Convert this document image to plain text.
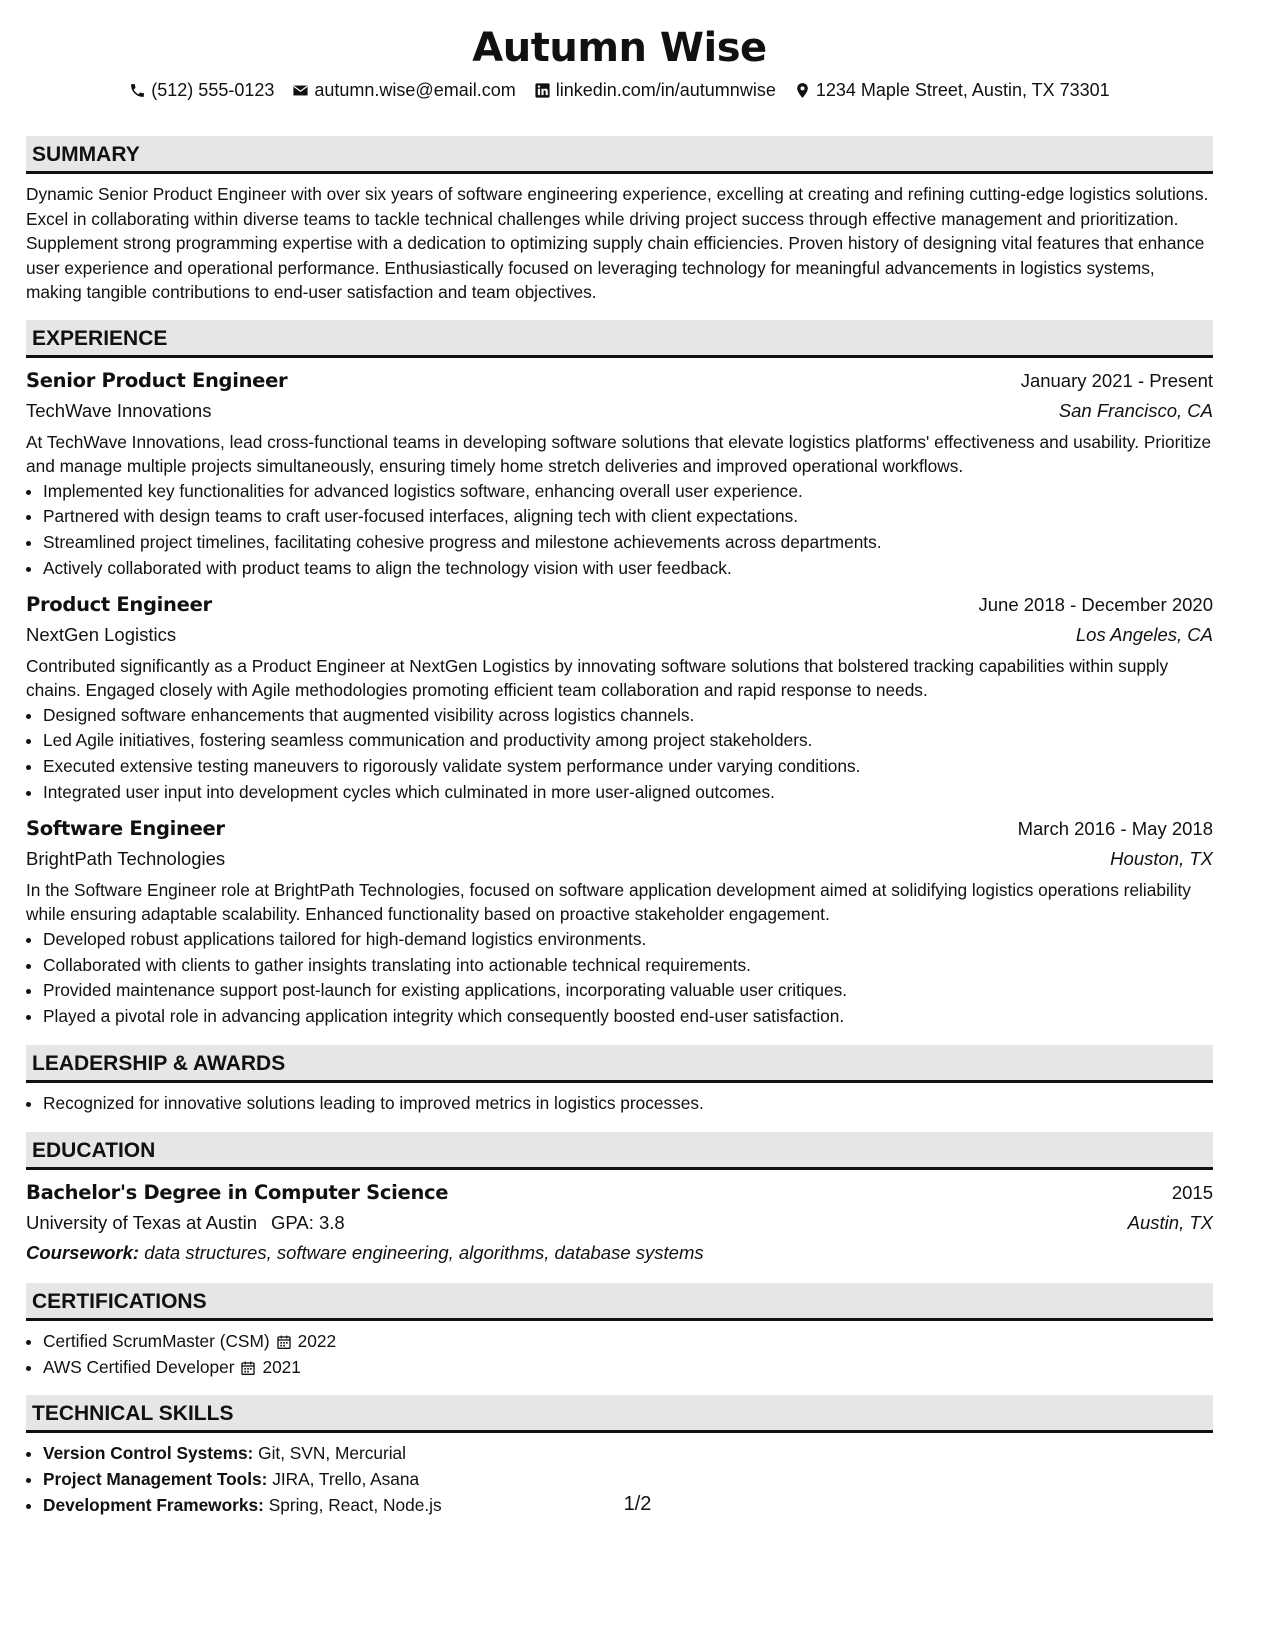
Autumn Wise
(512) 555-0123 autumn.wise@email.com linkedin.com/in/autumnwise 1234 Maple Street, Austin, TX 73301
SUMMARY

Dynamic Senior Product Engineer with over six years of software engineering experience, excelling at creating and refining cutting-edge logistics solutions. Excel in collaborating within diverse teams to tackle technical challenges while driving project success through effective management and prioritization. Supplement strong programming expertise with a dedication to optimizing supply chain efficiencies. Proven history of designing vital features that enhance user experience and operational performance. Enthusiastically focused on leveraging technology for meaningful advancements in logistics systems, making tangible contributions to end-user satisfaction and team objectives.

EXPERIENCE
Senior Product Engineer	January 2021 - Present
TechWave Innovations	San Francisco, CA

At TechWave Innovations, lead cross-functional teams in developing software solutions that elevate logistics platforms' effectiveness and usability. Prioritize and manage multiple projects simultaneously, ensuring timely home stretch deliveries and improved operational workflows.

• Implemented key functionalities for advanced logistics software, enhancing overall user experience.
• Partnered with design teams to craft user-focused interfaces, aligning tech with client expectations.
• Streamlined project timelines, facilitating cohesive progress and milestone achievements across departments.
• Actively collaborated with product teams to align the technology vision with user feedback.
Product Engineer	June 2018 - December 2020
NextGen Logistics	Los Angeles, CA

Contributed significantly as a Product Engineer at NextGen Logistics by innovating software solutions that bolstered tracking capabilities within supply chains. Engaged closely with Agile methodologies promoting efficient team collaboration and rapid response to needs.

• Designed software enhancements that augmented visibility across logistics channels.
• Led Agile initiatives, fostering seamless communication and productivity among project stakeholders.
• Executed extensive testing maneuvers to rigorously validate system performance under varying conditions.
• Integrated user input into development cycles which culminated in more user-aligned outcomes.
Software Engineer	March 2016 - May 2018
BrightPath Technologies	Houston, TX

In the Software Engineer role at BrightPath Technologies, focused on software application development aimed at solidifying logistics operations reliability while ensuring adaptable scalability. Enhanced functionality based on proactive stakeholder engagement.

• Developed robust applications tailored for high-demand logistics environments.
• Collaborated with clients to gather insights translating into actionable technical requirements.
• Provided maintenance support post-launch for existing applications, incorporating valuable user critiques.
• Played a pivotal role in advancing application integrity which consequently boosted end-user satisfaction.
LEADERSHIP & AWARDS
• Recognized for innovative solutions leading to improved metrics in logistics processes.
EDUCATION
Bachelor's Degree in Computer Science	2015
University of Texas at Austin GPA: 3.8	Austin, TX
Coursework: data structures, software engineering, algorithms, database systems
CERTIFICATIONS
• Certified ScrumMaster (CSM) 2022
• AWS Certified Developer 2021
TECHNICAL SKILLS
• Version Control Systems: Git, SVN, Mercurial
• Project Management Tools: JIRA, Trello, Asana
• Development Frameworks: Spring, React, Node.js	1/2
